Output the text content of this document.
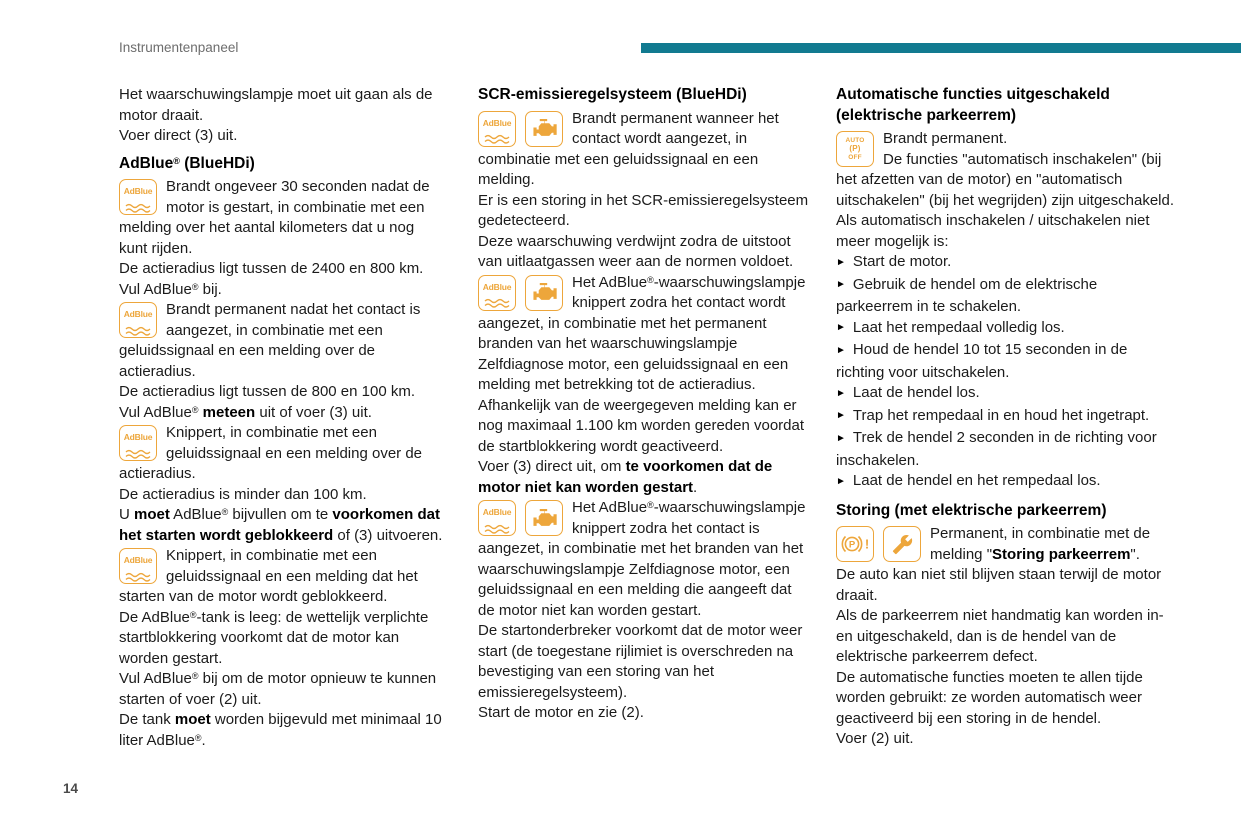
Instrumentenpaneel
Het waarschuwingslampje moet uit gaan als de motor draait.
Voer direct (3) uit.
AdBlue® (BlueHDi)
AdBlue Brandt ongeveer 30 seconden nadat de motor is gestart, in combinatie met een melding over het aantal kilometers dat u nog kunt rijden.
De actieradius ligt tussen de 2400 en 800 km.
Vul AdBlue® bij.
AdBlue Brandt permanent nadat het contact is aangezet, in combinatie met een geluidssignaal en een melding over de actieradius.
De actieradius ligt tussen de 800 en 100 km.
Vul AdBlue® meteen uit of voer (3) uit.
AdBlue Knippert, in combinatie met een geluidssignaal en een melding over de actieradius.
De actieradius is minder dan 100 km.
U moet AdBlue® bijvullen om te voorkomen dat het starten wordt geblokkeerd of (3) uitvoeren.
AdBlue Knippert, in combinatie met een geluidssignaal en een melding dat het starten van de motor wordt geblokkeerd.
De AdBlue®-tank is leeg: de wettelijk verplichte startblokkering voorkomt dat de motor kan worden gestart.
Vul AdBlue® bij om de motor opnieuw te kunnen starten of voer (2) uit.
De tank moet worden bijgevuld met minimaal 10 liter AdBlue®.
SCR-emissieregelsysteem (BlueHDi)
AdBlue	Brandt permanent wanneer het contact wordt aangezet, in combinatie met een geluidssignaal en een melding.
Er is een storing in het SCR-emissieregelsysteem gedetecteerd.
Deze waarschuwing verdwijnt zodra de uitstoot van uitlaatgassen weer aan de normen voldoet.
AdBlue	Het AdBlue®-waarschuwingslampje knippert zodra het contact wordt aangezet, in combinatie met het permanent branden van het waarschuwingslampje Zelfdiagnose motor, een geluidssignaal en een melding met betrekking tot de actieradius.
Afhankelijk van de weergegeven melding kan er nog maximaal 1.100 km worden gereden voordat de startblokkering wordt geactiveerd.
Voer (3) direct uit, om te voorkomen dat de motor niet kan worden gestart.
AdBlue	Het AdBlue®-waarschuwingslampje knippert zodra het contact is aangezet, in combinatie met het branden van het waarschuwingslampje Zelfdiagnose motor, een geluidssignaal en een melding die aangeeft dat de motor niet kan worden gestart.
De startonderbreker voorkomt dat de motor weer start (de toegestane rijlimiet is overschreden na bevestiging van een storing van het emissieregelsysteem).
Start de motor en zie (2).
Automatische functies uitgeschakeld (elektrische parkeerrem)
AUTO
(P)
OFF
Brandt permanent.
De functies "automatisch inschakelen" (bij het afzetten van de motor) en "automatisch uitschakelen" (bij het wegrijden) zijn uitgeschakeld.
Als automatisch inschakelen / uitschakelen niet meer mogelijk is:
► Start de motor.
► Gebruik de hendel om de elektrische parkeerrem in te schakelen.
► Laat het rempedaal volledig los.
► Houd de hendel 10 tot 15 seconden in de richting voor uitschakelen.
► Laat de hendel los.
► Trap het rempedaal in en houd het ingetrapt.
► Trek de hendel 2 seconden in de richting voor inschakelen.
► Laat de hendel en het rempedaal los.
Storing (met elektrische parkeerrem)
P !
Permanent, in combinatie met de melding "Storing parkeerrem".
De auto kan niet stil blijven staan terwijl de motor draait.
Als de parkeerrem niet handmatig kan worden in- en uitgeschakeld, dan is de hendel van de elektrische parkeerrem defect.
De automatische functies moeten te allen tijde worden gebruikt: ze worden automatisch weer geactiveerd bij een storing in de hendel.
Voer (2) uit.
14
